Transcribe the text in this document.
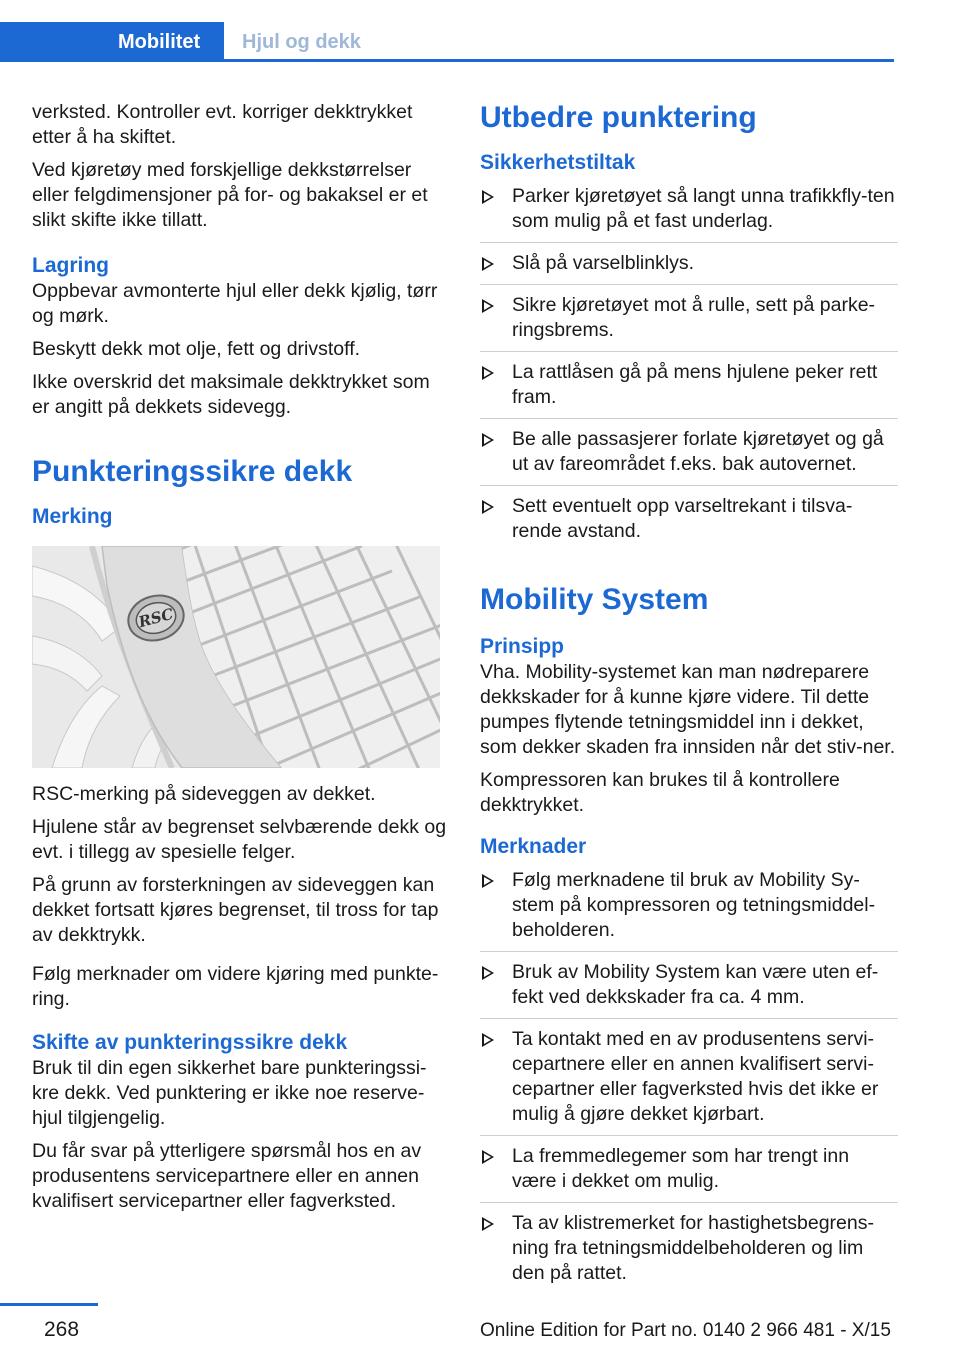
Mobilitet	Hjul og dekk

verksted. Kontroller evt. korriger dekktrykket etter å ha skiftet.

Ved kjøretøy med forskjellige dekkstørrelser eller felgdimensjoner på for- og bakaksel er et slikt skifte ikke tillatt.

Lagring

Oppbevar avmonterte hjul eller dekk kjølig, tørr og mørk.

Beskytt dekk mot olje, fett og drivstoff.

Ikke overskrid det maksimale dekktrykket som er angitt på dekkets sidevegg.

Punkteringssikre dekk
Merking
RSC

RSC-merking på sideveggen av dekket.

Hjulene står av begrenset selvbærende dekk og evt. i tillegg av spesielle felger.

På grunn av forsterkningen av sideveggen kan dekket fortsatt kjøres begrenset, til tross for tap av dekktrykk.

Følg merknader om videre kjøring med punkte-ring.

Skifte av punkteringssikre dekk

Bruk til din egen sikkerhet bare punkteringssi-kre dekk. Ved punktering er ikke noe reserve-hjul tilgjengelig.

Du får svar på ytterligere spørsmål hos en av produsentens servicepartnere eller en annen kvalifisert servicepartner eller fagverksted.

Utbedre punktering
Sikkerhetstiltak
Parker kjøretøyet så langt unna trafikkfly-ten som mulig på et fast underlag.
Slå på varselblinklys.
Sikre kjøretøyet mot å rulle, sett på parke-ringsbrems.
La rattlåsen gå på mens hjulene peker rett fram.
Be alle passasjerer forlate kjøretøyet og gå ut av fareområdet f.eks. bak autovernet.
Sett eventuelt opp varseltrekant i tilsva-rende avstand.
Mobility System
Prinsipp

Vha. Mobility-systemet kan man nødreparere dekkskader for å kunne kjøre videre. Til dette pumpes flytende tetningsmiddel inn i dekket, som dekker skaden fra innsiden når det stiv-ner.

Kompressoren kan brukes til å kontrollere dekktrykket.

Merknader
Følg merknadene til bruk av Mobility Sy-stem på kompressoren og tetningsmiddel-beholderen.
Bruk av Mobility System kan være uten ef-fekt ved dekkskader fra ca. 4 mm.
Ta kontakt med en av produsentens servi-cepartnere eller en annen kvalifisert servi-cepartner eller fagverksted hvis det ikke er mulig å gjøre dekket kjørbart.
La fremmedlegemer som har trengt inn være i dekket om mulig.
Ta av klistremerket for hastighetsbegrens-ning fra tetningsmiddelbeholderen og lim den på rattet.
268	Online Edition for Part no. 0140 2 966 481 - X/15
